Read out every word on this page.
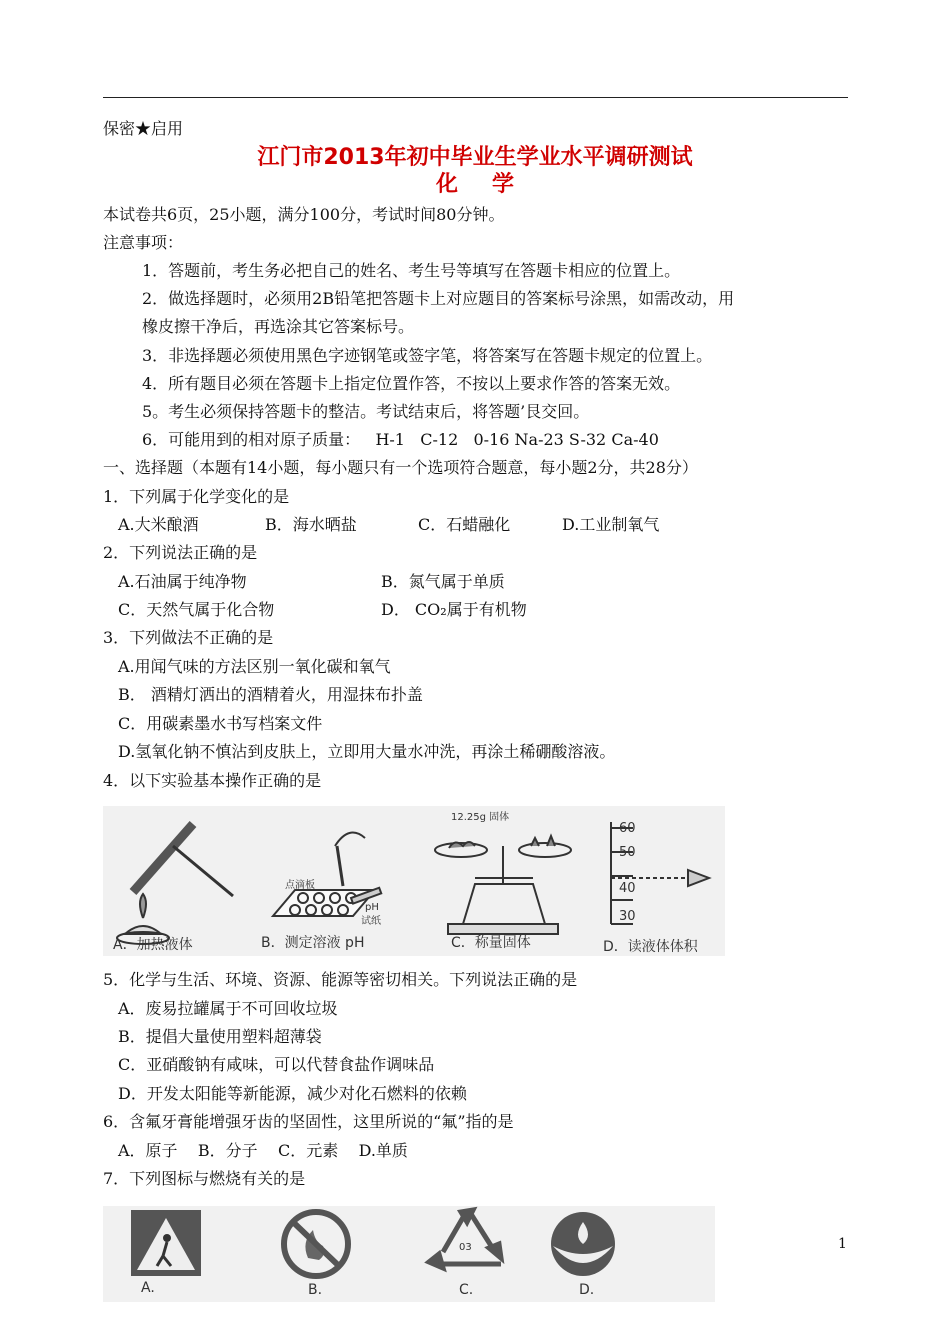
保密★启用
江门市2013年初中毕业生学业水平调研测试
化学
本试卷共6页，25小题，满分100分，考试时间80分钟。
注意事项：
1．答题前，考生务必把自己的姓名、考生号等填写在答题卡相应的位置上。
2．做选择题时，必须用2B铅笔把答题卡上对应题目的答案标号涂黑，如需改动，用
橡皮擦干净后，再选涂其它答案标号。
3．非选择题必须使用黑色字迹钢笔或签字笔，将答案写在答题卡规定的位置上。
4．所有题目必须在答题卡上指定位置作答，不按以上要求作答的答案无效。
5。考生必须保持答题卡的整洁。考试结束后，将答题’艮交回。
6．可能用到的相对原子质量：   H-1   C-12   0-16 Na-23 S-32 Ca-40
一、选择题（本题有14小题，每小题只有一个选项符合题意，每小题2分，共28分）
1．下列属于化学变化的是
A.大米酿酒	B．海水晒盐	C．石蜡融化	D.工业制氧气
2．下列说法正确的是
A.石油属于纯净物	B．氮气属于单质
C．天然气属于化合物	D． CO₂属于有机物
3．下列做法不正确的是
A.用闻气味的方法区别一氧化碳和氧气
B． 酒精灯洒出的酒精着火，用湿抹布扑盖
C．用碳素墨水书写档案文件
D.氢氧化钠不慎沾到皮肤上，立即用大量水冲洗，再涂土稀硼酸溶液。
4．以下实验基本操作正确的是
点滴板
pH
试纸
12.25g 固体
60
50
40
30
A．加热液体	B．测定溶液 pH	C．称量固体	D．读液体体积
5．化学与生活、环境、资源、能源等密切相关。下列说法正确的是
A．废易拉罐属于不可回收垃圾
B．提倡大量使用塑料超薄袋
C．亚硝酸钠有咸味，可以代替食盐作调味品
D．开发太阳能等新能源，减少对化石燃料的依赖
6．含氟牙膏能增强牙齿的坚固性，这里所说的“氟”指的是
A．原子    B．分子    C．元素    D.单质
7．下列图标与燃烧有关的是
03
A.	B.	C.	D.
1
